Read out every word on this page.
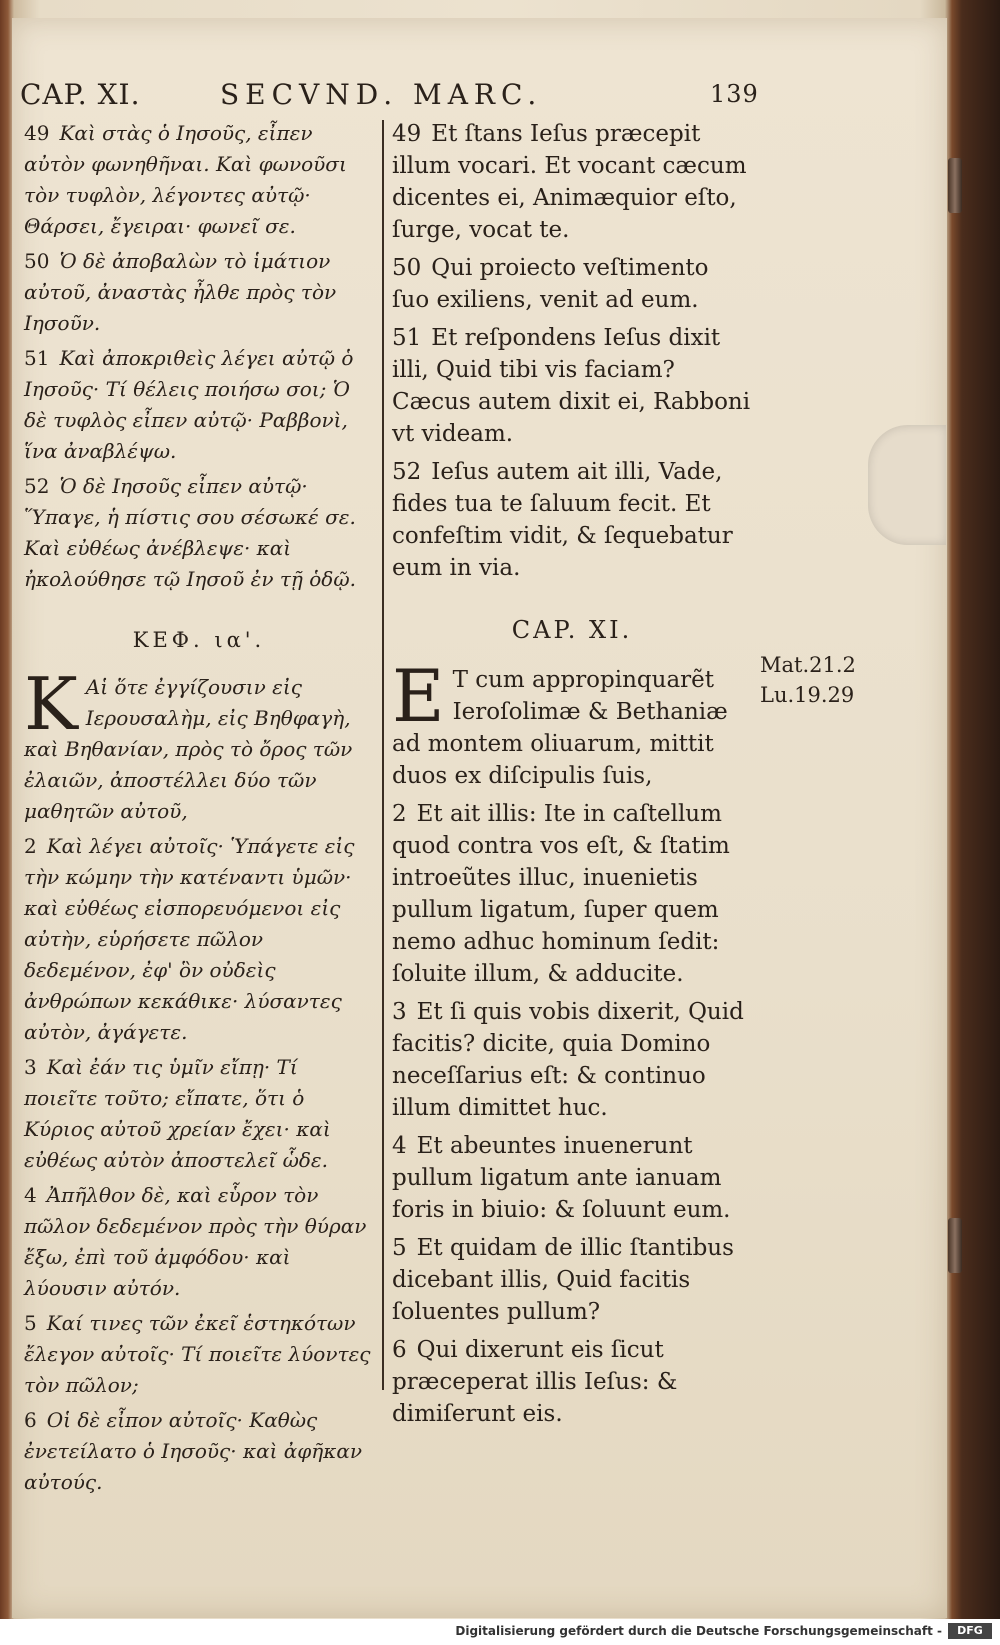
CAP. XI.	SECVND. MARC.	139
49 Καὶ στὰς ὁ Ιησοῦς, εἶπεν αὐτὸν φωνηθῆναι. Καὶ φωνοῦσι τὸν τυφλὸν, λέγοντες αὐτῷ· Θάρσει, ἔγειραι· φωνεῖ σε.
50 Ὁ δὲ ἀποβαλὼν τὸ ἱμάτιον αὐτοῦ, ἀναστὰς ἦλθε πρὸς τὸν Ιησοῦν.
51 Καὶ ἀποκριθεὶς λέγει αὐτῷ ὁ Ιησοῦς· Τί θέλεις ποιήσω σοι; Ὁ δὲ τυφλὸς εἶπεν αὐτῷ· Ραββονὶ, ἵνα ἀναβλέψω.
52 Ὁ δὲ Ιησοῦς εἶπεν αὐτῷ· Ὕπαγε, ἡ πίστις σου σέσωκέ σε. Καὶ εὐθέως ἀνέβλεψε· καὶ ἠκολούθησε τῷ Ιησοῦ ἐν τῇ ὁδῷ.
ΚΕΦ. ια'.
Κ Αἱ ὅτε ἐγγίζουσιν εἰς Ιερουσαλὴμ, εἰς Βηθφαγὴ, καὶ Βηθανίαν, πρὸς τὸ ὄρος τῶν ἐλαιῶν, ἀποστέλλει δύο τῶν μαθητῶν αὐτοῦ,
2 Καὶ λέγει αὐτοῖς· Ὑπάγετε εἰς τὴν κώμην τὴν κατέναντι ὑμῶν· καὶ εὐθέως εἰσπορευόμενοι εἰς αὐτὴν, εὑρήσετε πῶλον δεδεμένον, ἐφ' ὃν οὐδεὶς ἀνθρώπων κεκάθικε· λύσαντες αὐτὸν, ἀγάγετε.
3 Καὶ ἐάν τις ὑμῖν εἴπῃ· Τί ποιεῖτε τοῦτο; εἴπατε, ὅτι ὁ Κύριος αὐτοῦ χρείαν ἔχει· καὶ εὐθέως αὐτὸν ἀποστελεῖ ὧδε.
4 Ἀπῆλθον δὲ, καὶ εὗρον τὸν πῶλον δεδεμένον πρὸς τὴν θύραν ἔξω, ἐπὶ τοῦ ἀμφόδου· καὶ λύουσιν αὐτόν.
5 Καί τινες τῶν ἐκεῖ ἑστηκότων ἔλεγον αὐτοῖς· Τί ποιεῖτε λύοντες τὸν πῶλον;
6 Οἱ δὲ εἶπον αὐτοῖς· Καθὼς ἐνετείλατο ὁ Ιησοῦς· καὶ ἀφῆκαν αὐτούς.
49 Et ſtans Ieſus præcepit illum vocari. Et vocant cæcum dicentes ei, Animæquior eſto, ſurge, vocat te.
50 Qui proiecto veſtimento ſuo exiliens, venit ad eum.
51 Et reſpondens Ieſus dixit illi, Quid tibi vis faciam? Cæcus autem dixit ei, Rabboni vt videam.
52 Ieſus autem ait illi, Vade, fides tua te ſaluum fecit. Et confeſtim vidit, & ſequebatur eum in via.
CAP. XI.
E T cum appropinquarẽt Ieroſolimæ & Bethaniæ ad montem oliuarum, mittit duos ex diſcipulis ſuis,
2 Et ait illis: Ite in caſtellum quod contra vos eſt, & ſtatim introeũtes illuc, inuenietis pullum ligatum, ſuper quem nemo adhuc hominum ſedit: ſoluite illum, & adducite.
3 Et ſi quis vobis dixerit, Quid facitis? dicite, quia Domino neceſſarius eſt: & continuo illum dimittet huc.
4 Et abeuntes inuenerunt pullum ligatum ante ianuam foris in biuio: & ſoluunt eum.
5 Et quidam de illic ſtantibus dicebant illis, Quid facitis ſoluentes pullum?
6 Qui dixerunt eis ſicut præceperat illis Ieſus: & dimiſerunt eis.
Mat.21.2
Lu.19.29
Digitalisierung gefördert durch die Deutsche Forschungsgemeinschaft -	DFG
